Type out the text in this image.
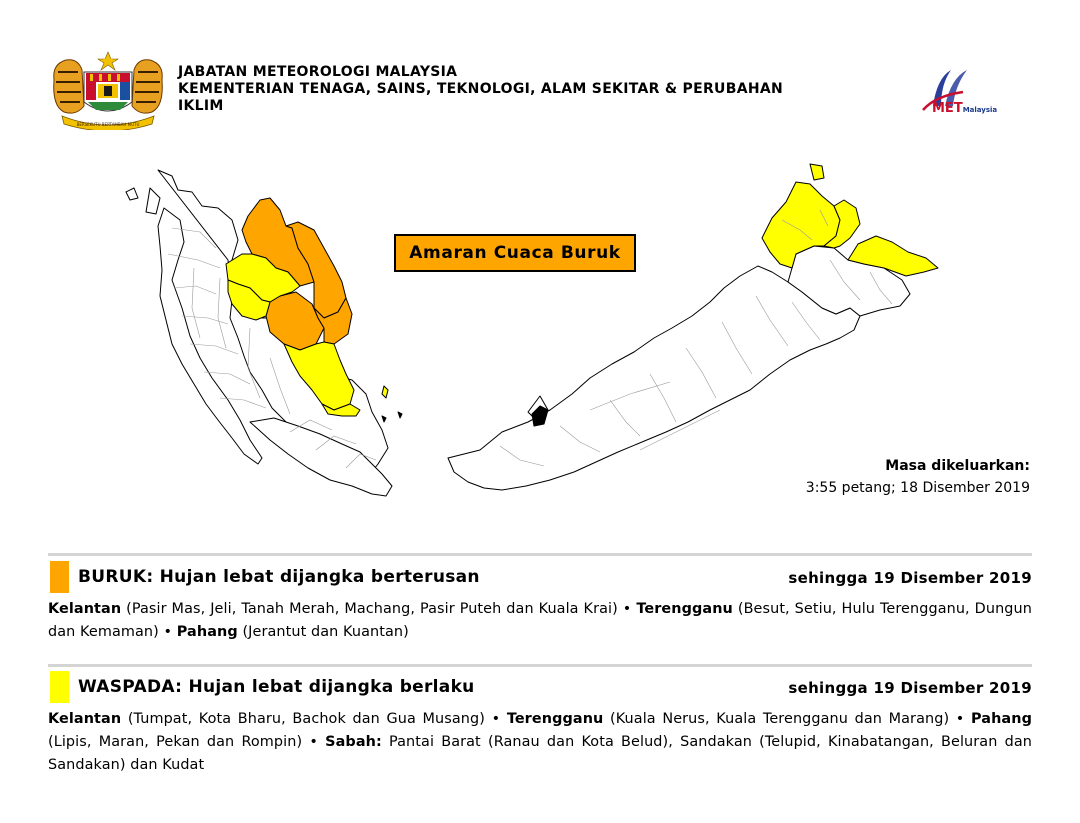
BERSEKUTU BERTAMBAH MUTU
JABATAN METEOROLOGI MALAYSIA
KEMENTERIAN TENAGA, SAINS, TEKNOLOGI, ALAM SEKITAR & PERUBAHAN
IKLIM	METMalaysia
Amaran Cuaca Buruk
Masa dikeluarkan:
3:55 petang; 18 Disember 2019
BURUK: Hujan lebat dijangka berterusan	sehingga 19 Disember 2019
Kelantan (Pasir Mas, Jeli, Tanah Merah, Machang, Pasir Puteh dan Kuala Krai) • Terengganu (Besut, Setiu, Hulu Terengganu, Dungun dan Kemaman) • Pahang (Jerantut dan Kuantan)
WASPADA: Hujan lebat dijangka berlaku	sehingga 19 Disember 2019
Kelantan (Tumpat, Kota Bharu, Bachok dan Gua Musang) • Terengganu (Kuala Nerus, Kuala Terengganu dan Marang) • Pahang (Lipis, Maran, Pekan dan Rompin) • Sabah: Pantai Barat (Ranau dan Kota Belud), Sandakan (Telupid, Kinabatangan, Beluran dan Sandakan) dan Kudat
